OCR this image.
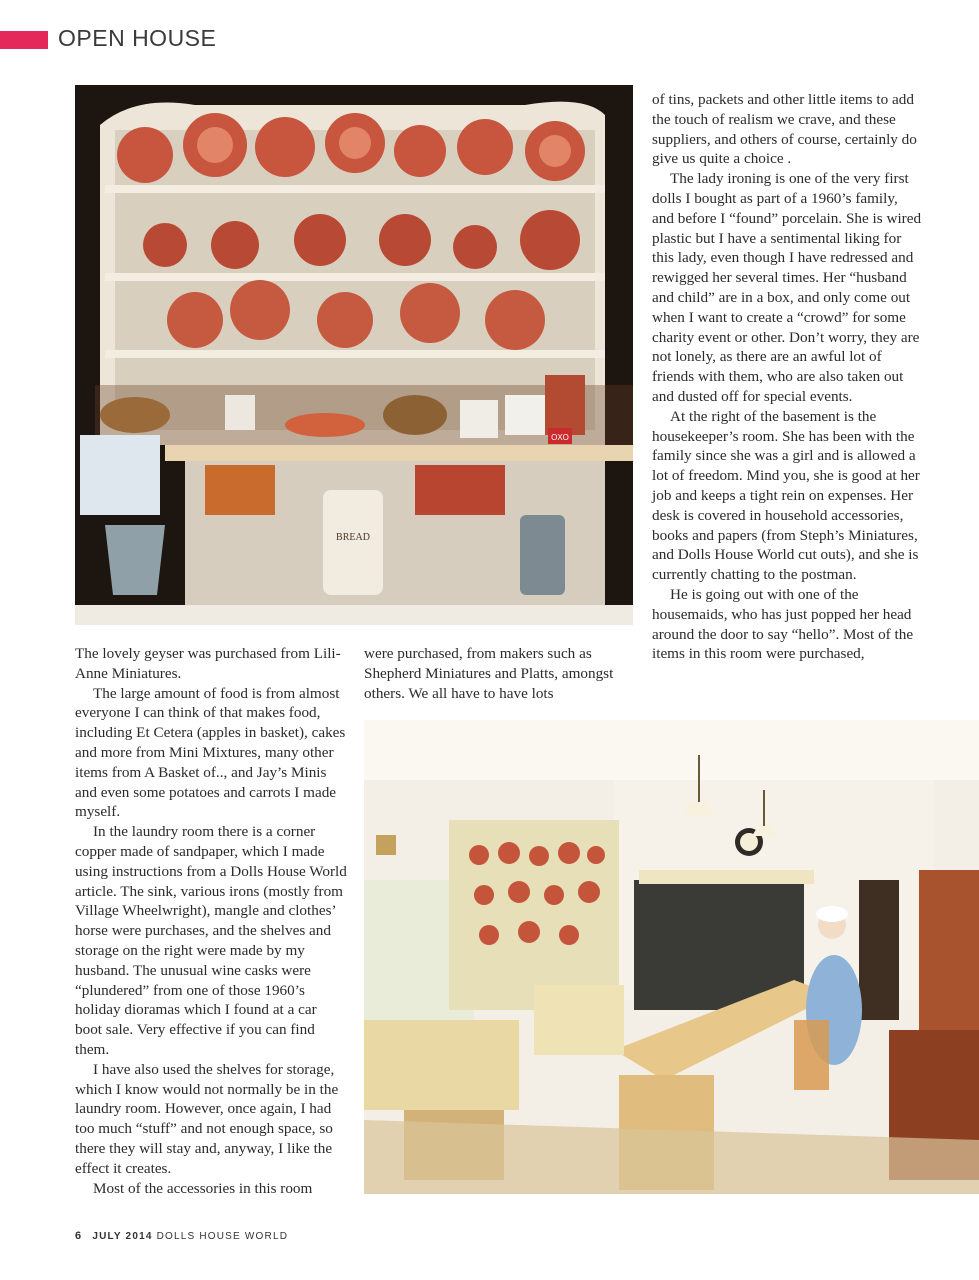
OPEN HOUSE
BREAD
OXO

The lovely geyser was purchased from Lili-Anne Miniatures.

The large amount of food is from almost everyone I can think of that makes food, including Et Cetera (apples in basket), cakes and more from Mini Mixtures, many other items from A Basket of.., and Jay’s Minis and even some potatoes and carrots I made myself.

In the laundry room there is a corner copper made of sandpaper, which I made using instructions from a Dolls House World article. The sink, various irons (mostly from Village Wheelwright), mangle and clothes’ horse were purchases, and the shelves and storage on the right were made by my husband. The unusual wine casks were “plundered” from one of those 1960’s holiday dioramas which I found at a car boot sale. Very effective if you can find them.

I have also used the shelves for storage, which I know would not normally be in the laundry room. However, once again, I had too much “stuff” and not enough space, so there they will stay and, anyway, I like the effect it creates.

Most of the accessories in this room

were purchased, from makers such as Shepherd Miniatures and Platts, amongst others. We all have to have lots

of tins, packets and other little items to add the touch of realism we crave, and these suppliers, and others of course, certainly do give us quite a choice .

The lady ironing is one of the very first dolls I bought as part of a 1960’s family, and before I “found” porcelain. She is wired plastic but I have a sentimental liking for this lady, even though I have redressed and rewigged her several times. Her “husband and child” are in a box, and only come out when I want to create a “crowd” for some charity event or other. Don’t worry, they are not lonely, as there are an awful lot of friends with them, who are also taken out and dusted off for special events.

At the right of the basement is the housekeeper’s room. She has been with the family since she was a girl and is allowed a lot of freedom. Mind you, she is good at her job and keeps a tight rein on expenses. Her desk is covered in household accessories, books and papers (from Steph’s Miniatures, and Dolls House World cut outs), and she is currently chatting to the postman.

He is going out with one of the housemaids, who has just popped her head around the door to say “hello”. Most of the items in this room were purchased,

6 JULY 2014 DOLLS HOUSE WORLD
